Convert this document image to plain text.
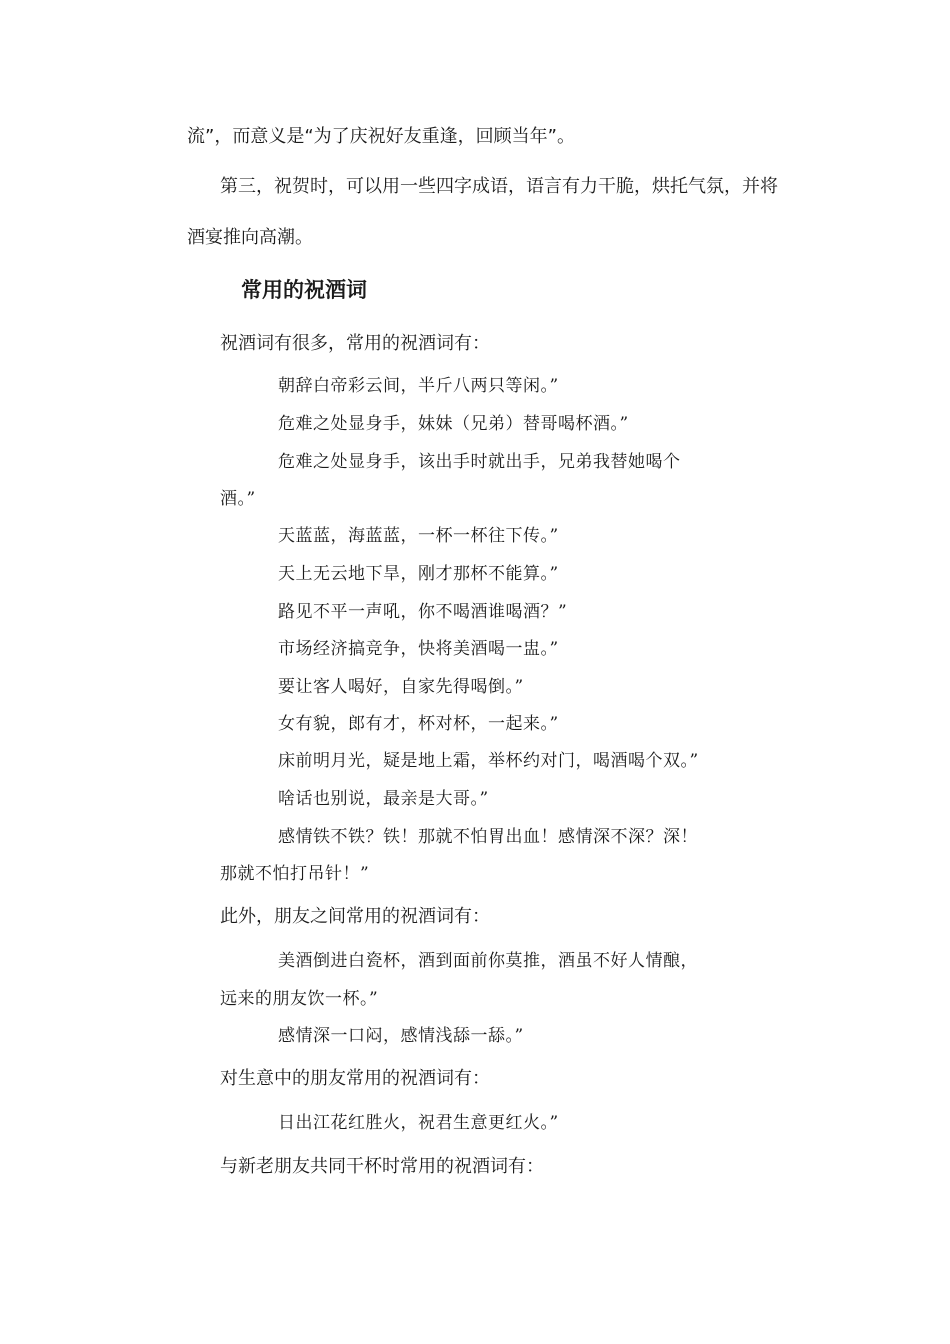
流”，而意义是“为了庆祝好友重逢，回顾当年”。
第三，祝贺时，可以用一些四字成语，语言有力干脆，烘托气氛，并将
酒宴推向高潮。
常用的祝酒词
祝酒词有很多，常用的祝酒词有：
朝辞白帝彩云间，半斤八两只等闲。”
危难之处显身手，妹妹（兄弟）替哥喝杯酒。”
危难之处显身手，该出手时就出手，兄弟我替她喝个
酒。”
天蓝蓝，海蓝蓝，一杯一杯往下传。”
天上无云地下旱，刚才那杯不能算。”
路见不平一声吼，你不喝酒谁喝酒？”
市场经济搞竞争，快将美酒喝一盅。”
要让客人喝好，自家先得喝倒。”
女有貌，郎有才，杯对杯，一起来。”
床前明月光，疑是地上霜，举杯约对门，喝酒喝个双。”
啥话也别说，最亲是大哥。”
感情铁不铁？铁！那就不怕胃出血！感情深不深？深！
那就不怕打吊针！”
此外，朋友之间常用的祝酒词有：
美酒倒进白瓷杯，酒到面前你莫推，酒虽不好人情酿，
远来的朋友饮一杯。”
感情深一口闷，感情浅舔一舔。”
对生意中的朋友常用的祝酒词有：
日出江花红胜火，祝君生意更红火。”
与新老朋友共同干杯时常用的祝酒词有：
